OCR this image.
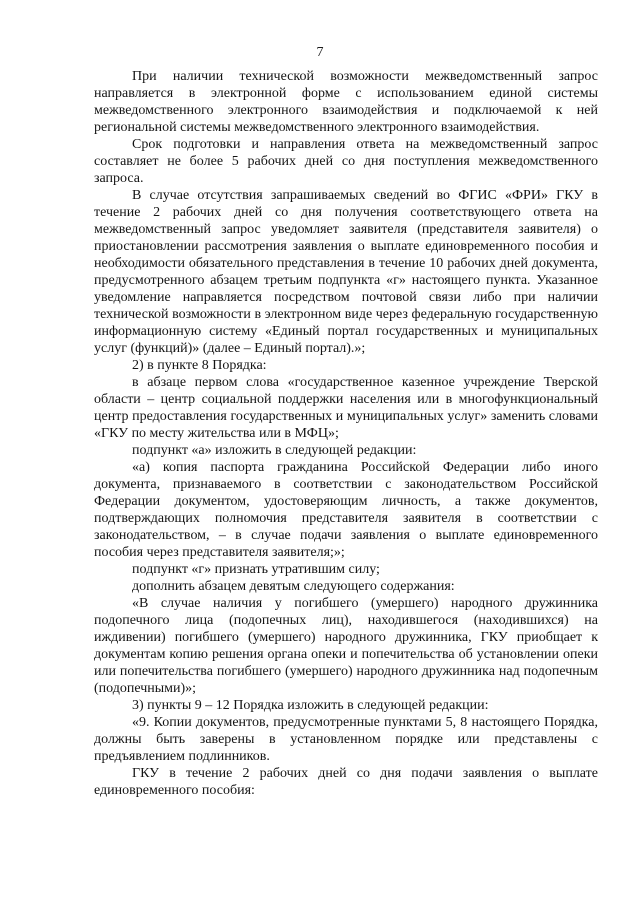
7

При наличии технической возможности межведомственный запрос направляется в электронной форме с использованием единой системы межведомственного электронного взаимодействия и подключаемой к ней региональной системы межведомственного электронного взаимодействия.

Срок подготовки и направления ответа на межведомственный запрос составляет не более 5 рабочих дней со дня поступления межведомственного запроса.

В случае отсутствия запрашиваемых сведений во ФГИС «ФРИ» ГКУ в течение 2 рабочих дней со дня получения соответствующего ответа на межведомственный запрос уведомляет заявителя (представителя заявителя) о приостановлении рассмотрения заявления о выплате единовременного пособия и необходимости обязательного представления в течение 10 рабочих дней документа, предусмотренного абзацем третьим подпункта «г» настоящего пункта. Указанное уведомление направляется посредством почтовой связи либо при наличии технической возможности в электронном виде через федеральную государственную информационную систему «Единый портал государственных и муниципальных услуг (функций)» (далее – Единый портал).»;

2) в пункте 8 Порядка:

в абзаце первом слова «государственное казенное учреждение Тверской области – центр социальной поддержки населения или в многофункциональный центр предоставления государственных и муниципальных услуг» заменить словами «ГКУ по месту жительства или в МФЦ»;

подпункт «а» изложить в следующей редакции:

«а) копия паспорта гражданина Российской Федерации либо иного документа, признаваемого в соответствии с законодательством Российской Федерации документом, удостоверяющим личность, а также документов, подтверждающих полномочия представителя заявителя в соответствии с законодательством, – в случае подачи заявления о выплате единовременного пособия через представителя заявителя;»;

подпункт «г» признать утратившим силу;

дополнить абзацем девятым следующего содержания:

«В случае наличия у погибшего (умершего) народного дружинника подопечного лица (подопечных лиц), находившегося (находившихся) на иждивении) погибшего (умершего) народного дружинника, ГКУ приобщает к документам копию решения органа опеки и попечительства об установлении опеки или попечительства погибшего (умершего) народного дружинника над подопечным (подопечными)»;

3) пункты 9 – 12 Порядка изложить в следующей редакции:

«9. Копии документов, предусмотренные пунктами 5, 8 настоящего Порядка, должны быть заверены в установленном порядке или представлены с предъявлением подлинников.

ГКУ в течение 2 рабочих дней со дня подачи заявления о выплате единовременного пособия:
